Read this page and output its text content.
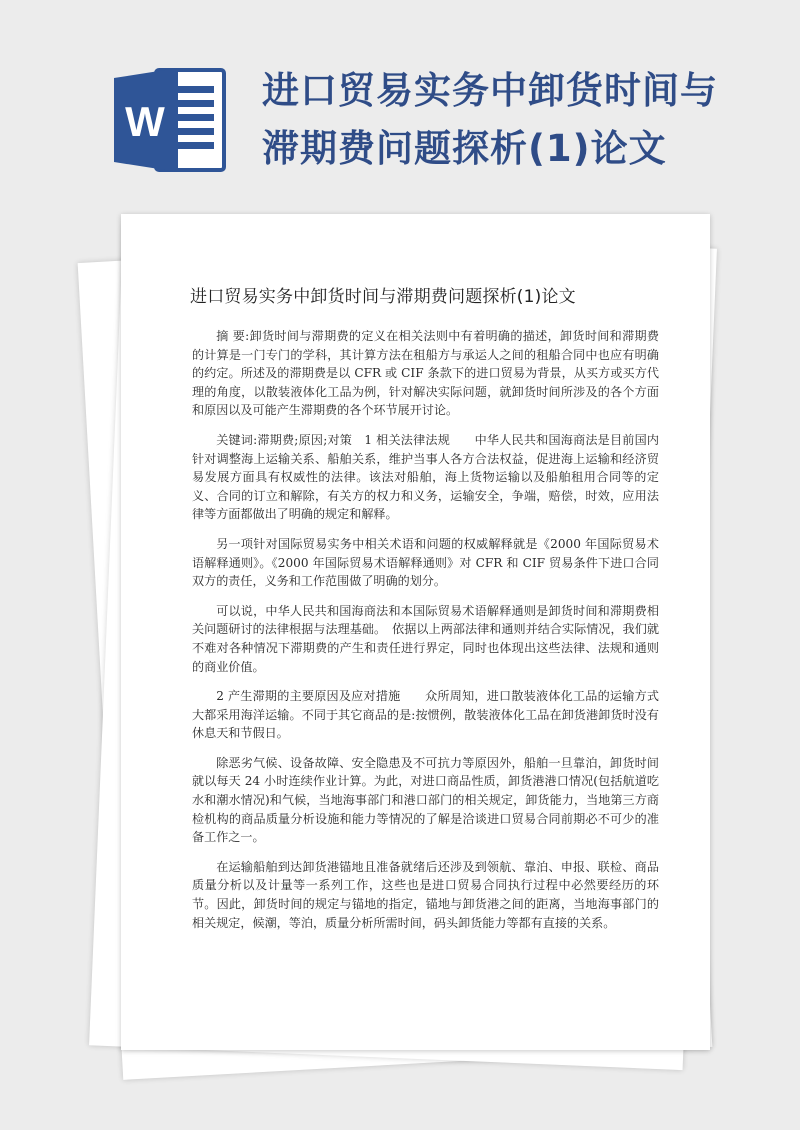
W
进口贸易实务中卸货时间与滞期费问题探析(1)论文
进口贸易实务中卸货时间与滞期费问题探析(1)论文

摘 要:卸货时间与滞期费的定义在相关法则中有着明确的描述，卸货时间和滞期费的计算是一门专门的学科，其计算方法在租船方与承运人之间的租船合同中也应有明确的约定。所述及的滞期费是以 CFR 或 CIF 条款下的进口贸易为背景，从买方或买方代理的角度，以散装液体化工品为例，针对解决实际问题，就卸货时间所涉及的各个方面和原因以及可能产生滞期费的各个环节展开讨论。

关键词:滞期费;原因;对策　1 相关法律法规　　中华人民共和国海商法是目前国内针对调整海上运输关系、船舶关系，维护当事人各方合法权益，促进海上运输和经济贸易发展方面具有权威性的法律。该法对船舶，海上货物运输以及船舶租用合同等的定义、合同的订立和解除，有关方的权力和义务，运输安全，争端，赔偿，时效，应用法律等方面都做出了明确的规定和解释。

另一项针对国际贸易实务中相关术语和问题的权威解释就是《2000 年国际贸易术语解释通则》。《2000 年国际贸易术语解释通则》对 CFR 和 CIF 贸易条件下进口合同双方的责任，义务和工作范围做了明确的划分。

可以说，中华人民共和国海商法和本国际贸易术语解释通则是卸货时间和滞期费相关问题研讨的法律根据与法理基础。　依据以上两部法律和通则并结合实际情况，我们就不难对各种情况下滞期费的产生和责任进行界定，同时也体现出这些法律、法规和通则的商业价值。

2 产生滞期的主要原因及应对措施　　众所周知，进口散装液体化工品的运输方式大都采用海洋运输。不同于其它商品的是:按惯例，散装液体化工品在卸货港卸货时没有休息天和节假日。

除恶劣气候、设备故障、安全隐患及不可抗力等原因外，船舶一旦靠泊，卸货时间就以每天 24 小时连续作业计算。为此，对进口商品性质，卸货港港口情况(包括航道吃水和潮水情况)和气候，当地海事部门和港口部门的相关规定，卸货能力，当地第三方商检机构的商品质量分析设施和能力等情况的了解是洽谈进口贸易合同前期必不可少的准备工作之一。

在运输船舶到达卸货港锚地且准备就绪后还涉及到领航、靠泊、申报、联检、商品质量分析以及计量等一系列工作，这些也是进口贸易合同执行过程中必然要经历的环节。因此，卸货时间的规定与锚地的指定，锚地与卸货港之间的距离，当地海事部门的相关规定，候潮，等泊，质量分析所需时间，码头卸货能力等都有直接的关系。
